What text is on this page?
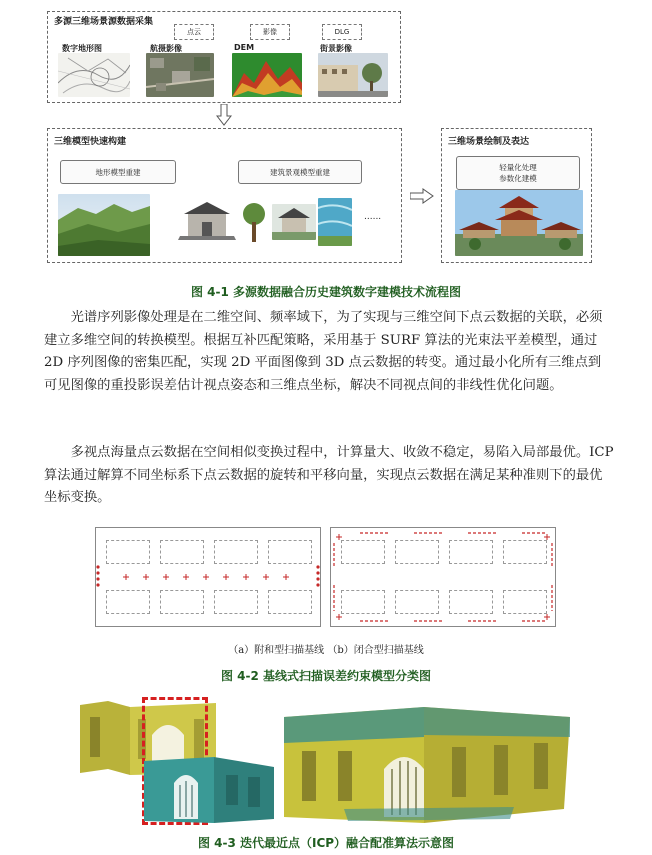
多源三维场景源数据采集
点云	影像	DLG
数字地形图	航摄影像	DEM	街景影像
三维模型快速构建
地形模型重建	建筑景观模型重建
......
三维场景绘制及表达
轻量化处理
参数化建模
图 4-1 多源数据融合历史建筑数字建模技术流程图
光谱序列影像处理是在二维空间、频率域下，为了实现与三维空间下点云数据的关联，必须建立多维空间的转换模型。根据互补匹配策略，采用基于 SURF 算法的光束法平差模型，通过 2D 序列图像的密集匹配，实现 2D 平面图像到 3D 点云数据的转变。通过最小化所有三维点到可见图像的重投影误差估计视点姿态和三维点坐标，解决不同视点间的非线性优化问题。
多视点海量点云数据在空间相似变换过程中，计算量大、收敛不稳定，易陷入局部最优。ICP 算法通过解算不同坐标系下点云数据的旋转和平移向量，实现点云数据在满足某种准则下的最优坐标变换。
（a）附和型扫描基线 （b）闭合型扫描基线
图 4-2 基线式扫描误差约束模型分类图
图 4-3 迭代最近点（ICP）融合配准算法示意图
